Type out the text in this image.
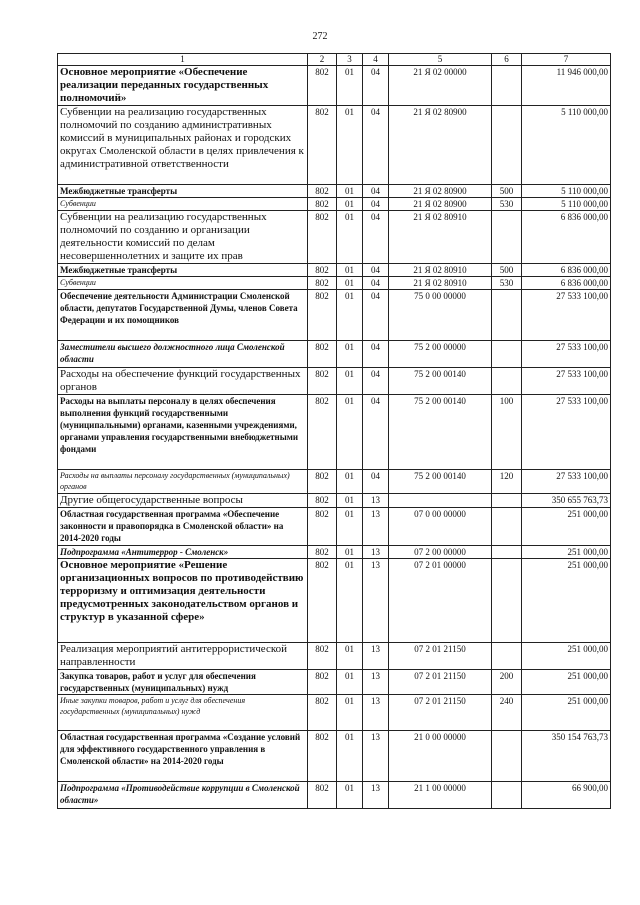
272
1	2	3	4	5	6	7
Основное мероприятие «Обеспечение реализации переданных государственных полномочий»	802	01	04	21 Я 02 00000		11 946 000,00
Субвенции на реализацию государственных полномочий по созданию административных комиссий в муниципальных районах и городских округах Смоленской области в целях привлечения к административной ответственности	802	01	04	21 Я 02 80900		5 110 000,00
Межбюджетные трансферты	802	01	04	21 Я 02 80900	500	5 110 000,00
Субвенции	802	01	04	21 Я 02 80900	530	5 110 000,00
Субвенции на реализацию государственных полномочий по созданию и организации деятельности комиссий по делам несовершеннолетних и защите их прав	802	01	04	21 Я 02 80910		6 836 000,00
Межбюджетные трансферты	802	01	04	21 Я 02 80910	500	6 836 000,00
Субвенции	802	01	04	21 Я 02 80910	530	6 836 000,00
Обеспечение деятельности Администрации Смоленской области, депутатов Государственной Думы, членов Совета Федерации и их помощников	802	01	04	75 0 00 00000		27 533 100,00
Заместители высшего должностного лица Смоленской области	802	01	04	75 2 00 00000		27 533 100,00
Расходы на обеспечение функций государственных органов	802	01	04	75 2 00 00140		27 533 100,00
Расходы на выплаты персоналу в целях обеспечения выполнения функций государственными (муниципальными) органами, казенными учреждениями, органами управления государственными внебюджетными фондами	802	01	04	75 2 00 00140	100	27 533 100,00
Расходы на выплаты персоналу государственных (муниципальных) органов	802	01	04	75 2 00 00140	120	27 533 100,00
Другие общегосударственные вопросы	802	01	13			350 655 763,73
Областная государственная программа «Обеспечение законности и правопорядка в Смоленской области» на 2014-2020 годы	802	01	13	07 0 00 00000		251 000,00
Подпрограмма «Антитеррор - Смоленск»	802	01	13	07 2 00 00000		251 000,00
Основное мероприятие «Решение организационных вопросов по противодействию терроризму и оптимизация деятельности предусмотренных законодательством органов и структур в указанной сфере»	802	01	13	07 2 01 00000		251 000,00
Реализация мероприятий антитеррористической направленности	802	01	13	07 2 01 21150		251 000,00
Закупка товаров, работ и услуг для обеспечения государственных (муниципальных) нужд	802	01	13	07 2 01 21150	200	251 000,00
Иные закупки товаров, работ и услуг для обеспечения государственных (муниципальных) нужд	802	01	13	07 2 01 21150	240	251 000,00
Областная государственная программа «Создание условий для эффективного государственного управления в Смоленской области» на 2014-2020 годы	802	01	13	21 0 00 00000		350 154 763,73
Подпрограмма «Противодействие коррупции в Смоленской области»	802	01	13	21 1 00 00000		66 900,00
